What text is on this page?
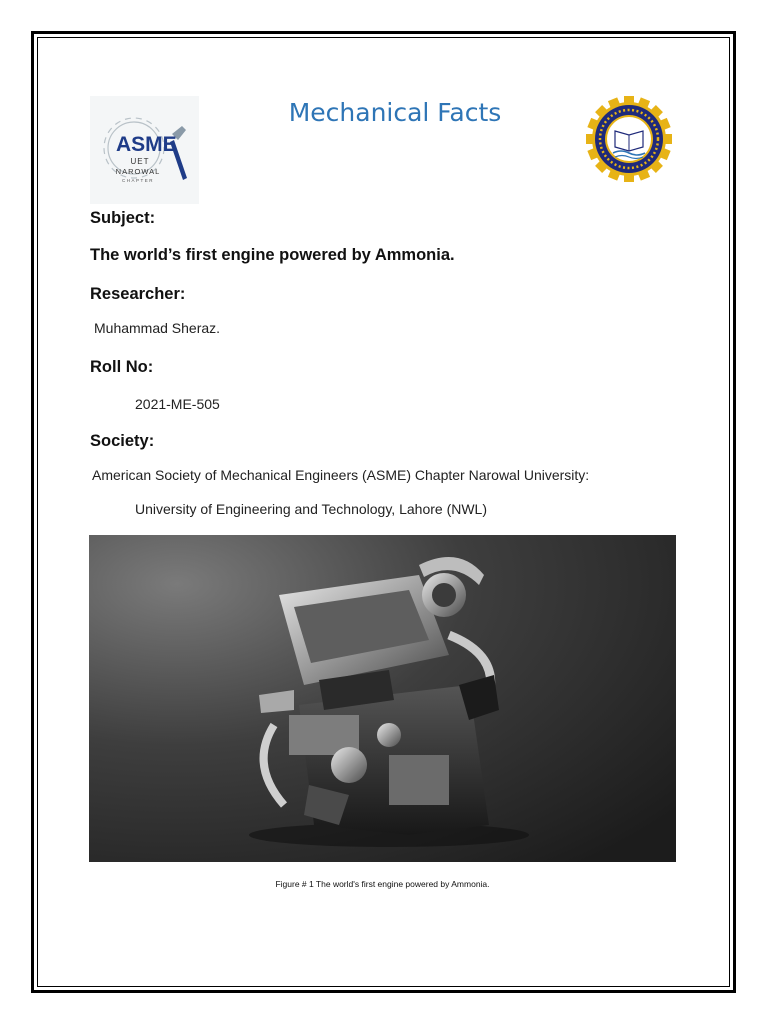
ASME
UET
NAROWAL
CHAPTER
Mechanical Facts
Subject:
The world’s first engine powered by Ammonia.
Researcher:
Muhammad Sheraz.
Roll No:
2021-ME-505
Society:
American Society of Mechanical Engineers (ASME) Chapter Narowal University:
University of Engineering and Technology, Lahore (NWL)
Figure # 1 The world's first engine powered by Ammonia.
